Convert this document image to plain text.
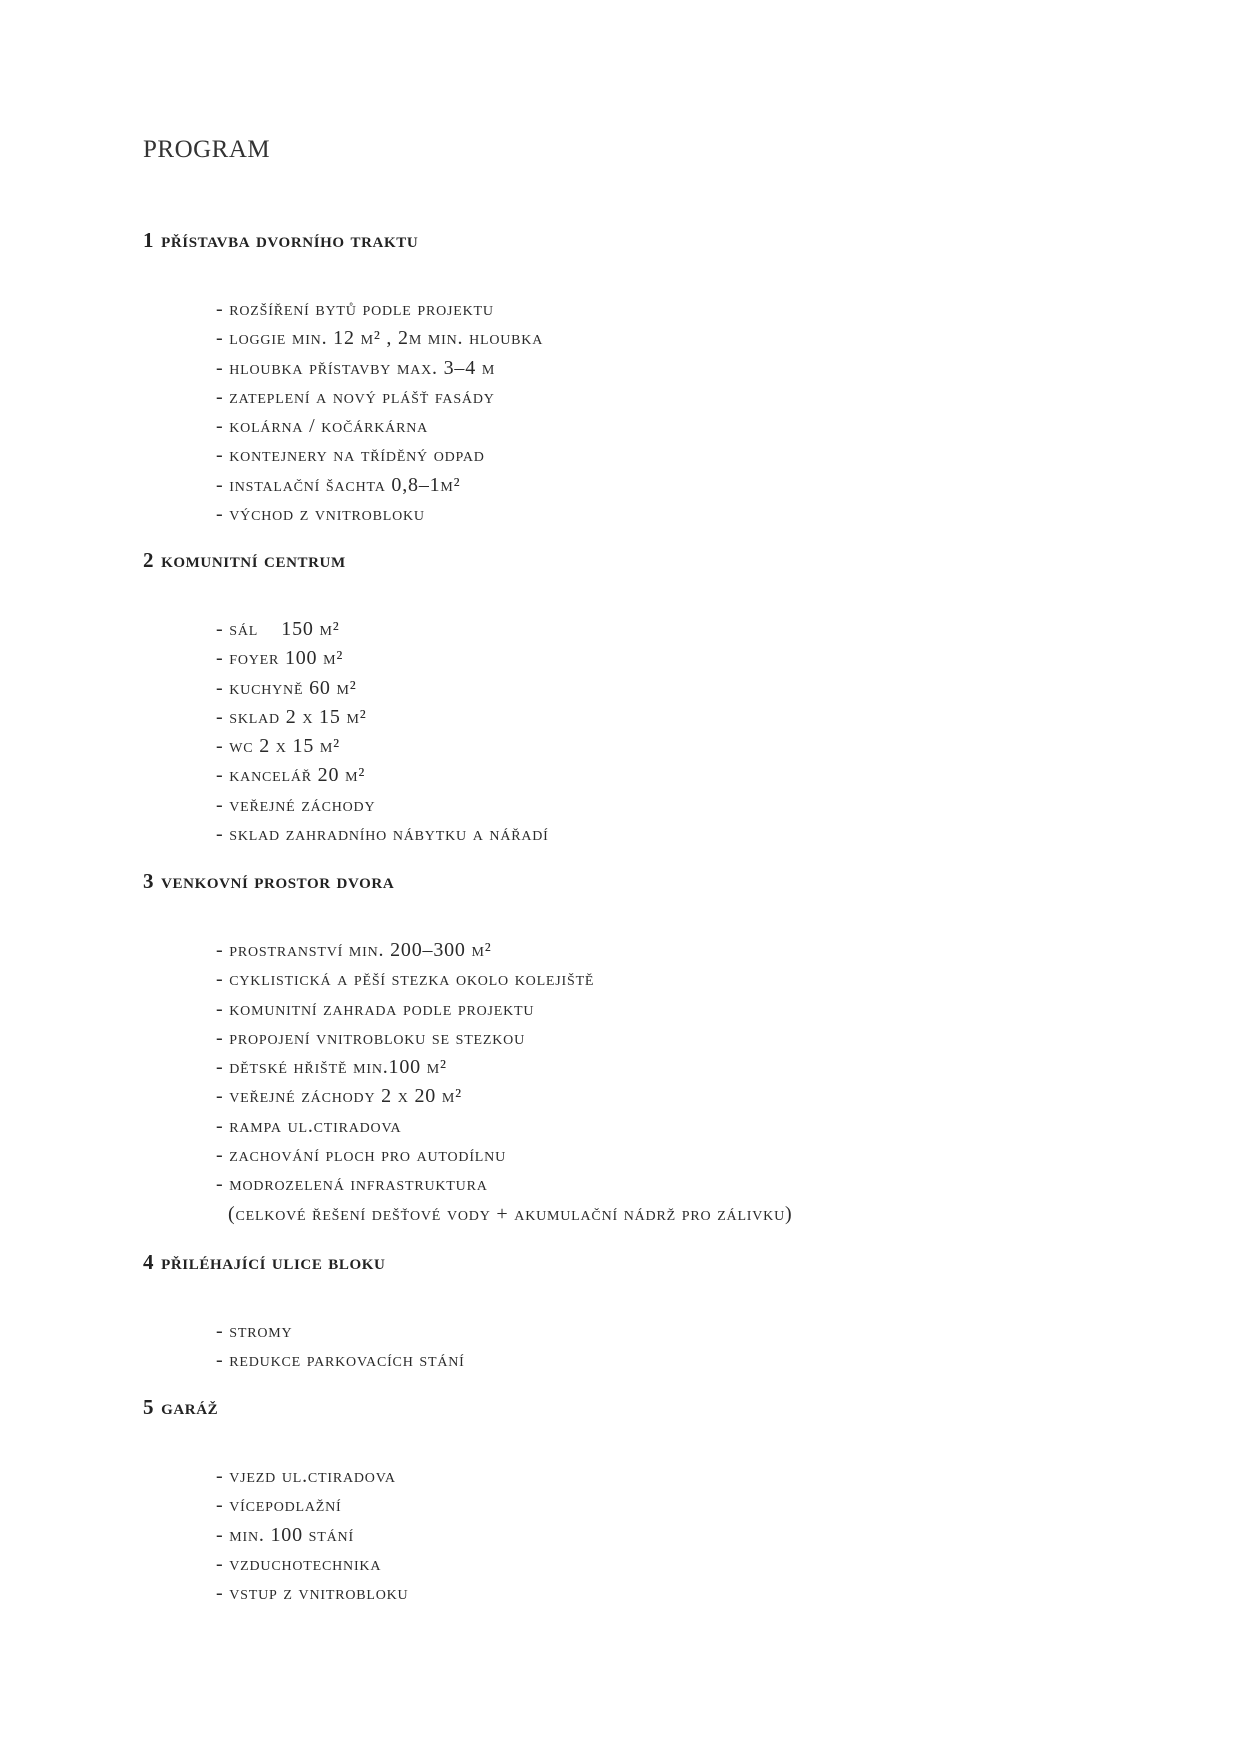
PROGRAM
1 přístavba dvorního traktu
- rozšíření bytů podle projektu
- loggie min. 12 m² , 2m min. hloubka
- hloubka přístavby max. 3–4 m
- zateplení a nový plášť fasády
- kolárna / kočárkárna
- kontejnery na tříděný odpad
- instalační šachta 0,8–1m²
- východ z vnitrobloku
2 komunitní centrum
- sál    150 m²
- foyer 100 m²
- kuchyně 60 m²
- sklad 2 x 15 m²
- wc 2 x 15 m²
- kancelář 20 m²
- veřejné záchody
- sklad zahradního nábytku a nářadí
3 venkovní prostor dvora
- prostranství min. 200–300 m²
- cyklistická a pěší stezka okolo kolejiště
- komunitní zahrada podle projektu
- propojení vnitrobloku se stezkou
- dětské hřiště min.100 m²
- veřejné záchody 2 x 20 m²
- rampa ul.ctiradova
- zachování ploch pro autodílnu
- modrozelená infrastruktura
(celkové řešení dešťové vody + akumulační nádrž pro zálivku)
4 přiléhající ulice bloku
- stromy
- redukce parkovacích stání
5 garáž
- vjezd ul.ctiradova
- vícepodlažní
- min. 100 stání
- vzduchotechnika
- vstup z vnitrobloku
